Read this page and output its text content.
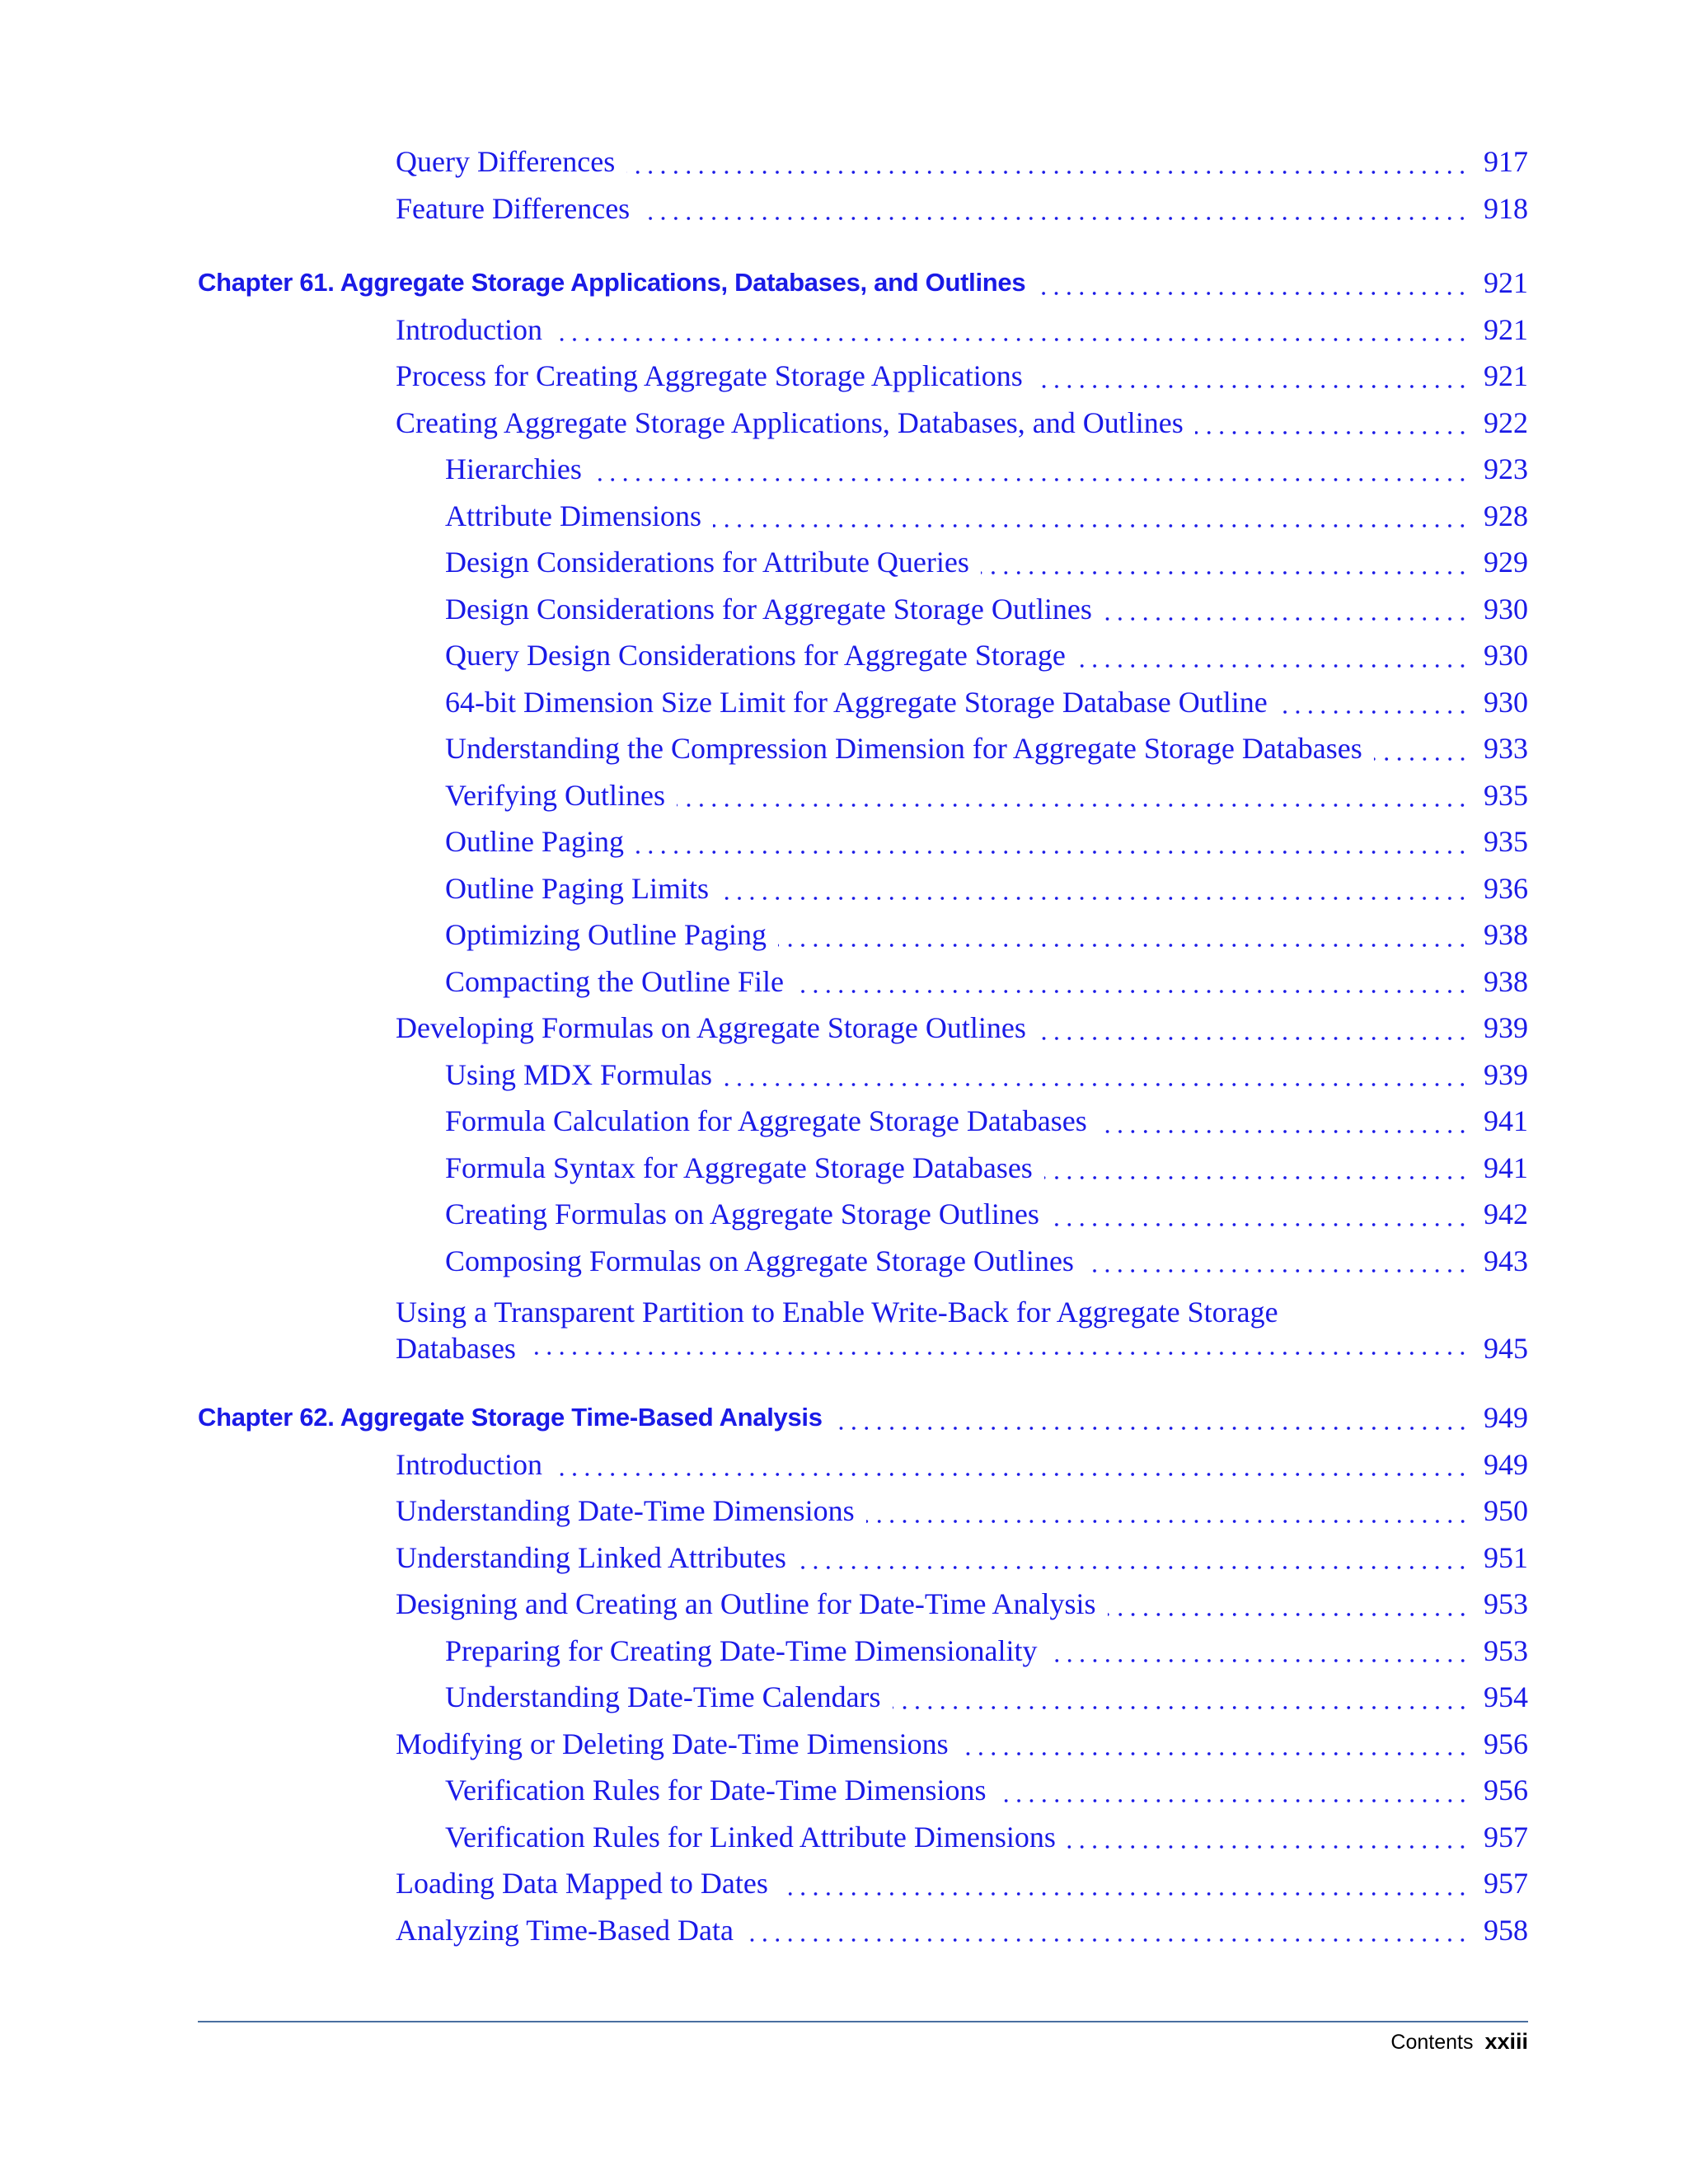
Query Differences	917
Feature Differences	918
Chapter 61. Aggregate Storage Applications, Databases, and Outlines	921
Introduction	921
Process for Creating Aggregate Storage Applications	921
Creating Aggregate Storage Applications, Databases, and Outlines	922
Hierarchies	923
Attribute Dimensions	928
Design Considerations for Attribute Queries	929
Design Considerations for Aggregate Storage Outlines	930
Query Design Considerations for Aggregate Storage	930
64-bit Dimension Size Limit for Aggregate Storage Database Outline	930
Understanding the Compression Dimension for Aggregate Storage Databases	933
Verifying Outlines	935
Outline Paging	935
Outline Paging Limits	936
Optimizing Outline Paging	938
Compacting the Outline File	938
Developing Formulas on Aggregate Storage Outlines	939
Using MDX Formulas	939
Formula Calculation for Aggregate Storage Databases	941
Formula Syntax for Aggregate Storage Databases	941
Creating Formulas on Aggregate Storage Outlines	942
Composing Formulas on Aggregate Storage Outlines	943
Using a Transparent Partition to Enable Write-Back for Aggregate Storage
Databases	945
Chapter 62. Aggregate Storage Time-Based Analysis	949
Introduction	949
Understanding Date-Time Dimensions	950
Understanding Linked Attributes	951
Designing and Creating an Outline for Date-Time Analysis	953
Preparing for Creating Date-Time Dimensionality	953
Understanding Date-Time Calendars	954
Modifying or Deleting Date-Time Dimensions	956
Verification Rules for Date-Time Dimensions	956
Verification Rules for Linked Attribute Dimensions	957
Loading Data Mapped to Dates	957
Analyzing Time-Based Data	958
Contents xxiii
